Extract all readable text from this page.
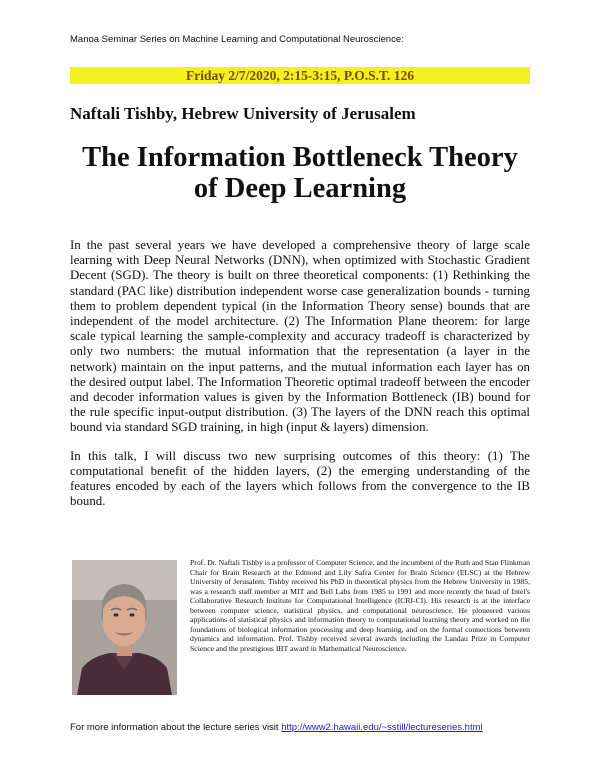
Manoa Seminar Series on Machine Learning and Computational Neuroscience:
Friday 2/7/2020, 2:15-3:15, P.O.S.T. 126
Naftali Tishby, Hebrew University of Jerusalem
The Information Bottleneck Theory
of Deep Learning

In the past several years we have developed a comprehensive theory of large scale learning with Deep Neural Networks (DNN), when optimized with Stochastic Gradient Decent (SGD). The theory is built on three theoretical components: (1) Rethinking the standard (PAC like) distribution independent worse case generalization bounds - turning them to problem dependent typical (in the Information Theory sense) bounds that are independent of the model architecture. (2) The Information Plane theorem: for large scale typical learning the sample-complexity and accuracy tradeoff is characterized by only two numbers: the mutual information that the representation (a layer in the network) maintain on the input patterns, and the mutual information each layer has on the desired output label. The Information Theoretic optimal tradeoff between the encoder and decoder information values is given by the Information Bottleneck (IB) bound for the rule specific input-output distribution. (3) The layers of the DNN reach this optimal bound via standard SGD training, in high (input & layers) dimension.

In this talk, I will discuss two new surprising outcomes of this theory: (1) The computational benefit of the hidden layers, (2) the emerging understanding of the features encoded by each of the layers which follows from the convergence to the IB bound.

Prof. Dr. Naftali Tishby is a professor of Computer Science, and the incumbent of the Ruth and Stan Flinkman Chair for Brain Research at the Edmond and Lily Safra Center for Brain Science (ELSC) at the Hebrew University of Jerusalem. Tishby received his PhD in theoretical physics from the Hebrew University in 1985, was a research staff member at MIT and Bell Labs from 1985 to 1991 and more recently the head of Intel's Collaborative Research Institute for Computational Intelligence (ICRI-CI). His research is at the interface between computer science, statistical physics, and computational neuroscience. He pioneered various applications of statistical physics and information theory to computational learning theory and worked on the foundations of biological information processing and deep learning, and on the formal connections between dynamics and information. Prof. Tishby received several awards including the Landau Prize in Computer Science and the prestigious IBT award in Mathematical Neuroscience.
For more information about the lecture series visit http://www2.hawaii.edu/~sstill/lectureseries.html
